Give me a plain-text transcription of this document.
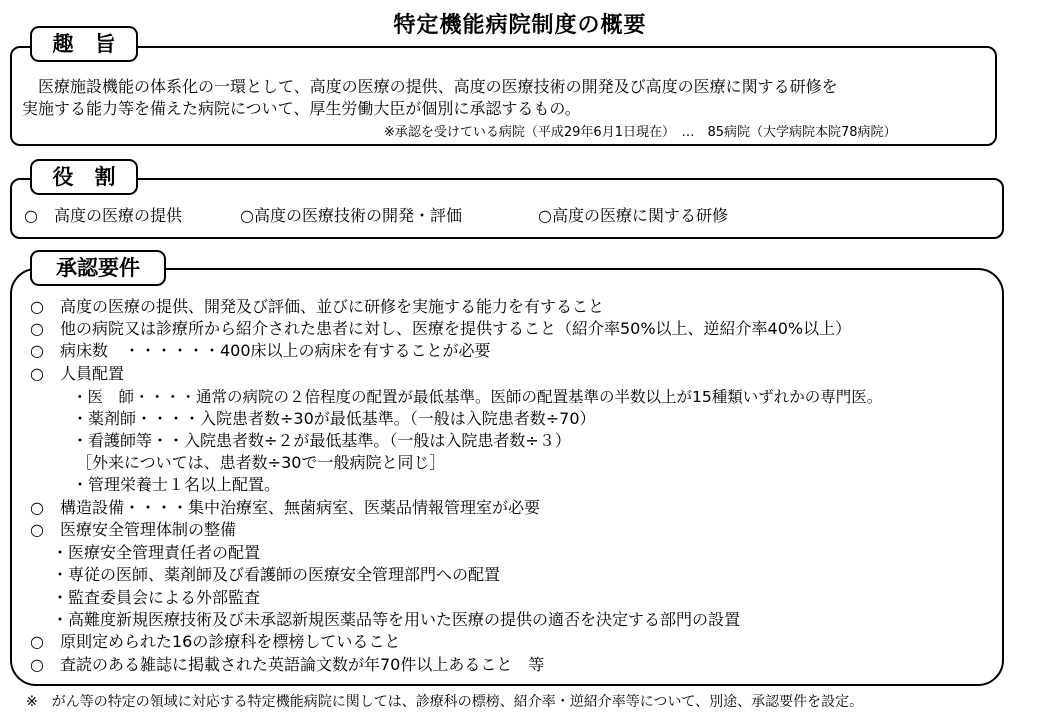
特定機能病院制度の概要
趣　旨
　医療施設機能の体系化の一環として、高度の医療の提供、高度の医療技術の開発及び高度の医療に関する研修を
実施する能力等を備えた病院について、厚生労働大臣が個別に承認するもの。
※承認を受けている病院（平成29年6月1日現在）　…　85病院（大学病院本院78病院）
役　割
○　高度の医療の提供	○高度の医療技術の開発・評価	○高度の医療に関する研修
承認要件
○　高度の医療の提供、開発及び評価、並びに研修を実施する能力を有すること
○　他の病院又は診療所から紹介された患者に対し、医療を提供すること（紹介率50%以上、逆紹介率40%以上）
○　病床数　・・・・・・400床以上の病床を有することが必要
○　人員配置
・医　師・・・・通常の病院の２倍程度の配置が最低基準。医師の配置基準の半数以上が15種類いずれかの専門医。
・薬剤師・・・・入院患者数÷30が最低基準。（一般は入院患者数÷70）
・看護師等・・入院患者数÷２が最低基準。（一般は入院患者数÷３）
［外来については、患者数÷30で一般病院と同じ］
・管理栄養士１名以上配置。
○　構造設備・・・・集中治療室、無菌病室、医薬品情報管理室が必要
○　医療安全管理体制の整備
・医療安全管理責任者の配置
・専従の医師、薬剤師及び看護師の医療安全管理部門への配置
・監査委員会による外部監査
・高難度新規医療技術及び未承認新規医薬品等を用いた医療の提供の適否を決定する部門の設置
○　原則定められた16の診療科を標榜していること
○　査読のある雑誌に掲載された英語論文数が年70件以上あること　等
※　がん等の特定の領域に対応する特定機能病院に関しては、診療科の標榜、紹介率・逆紹介率等について、別途、承認要件を設定。
